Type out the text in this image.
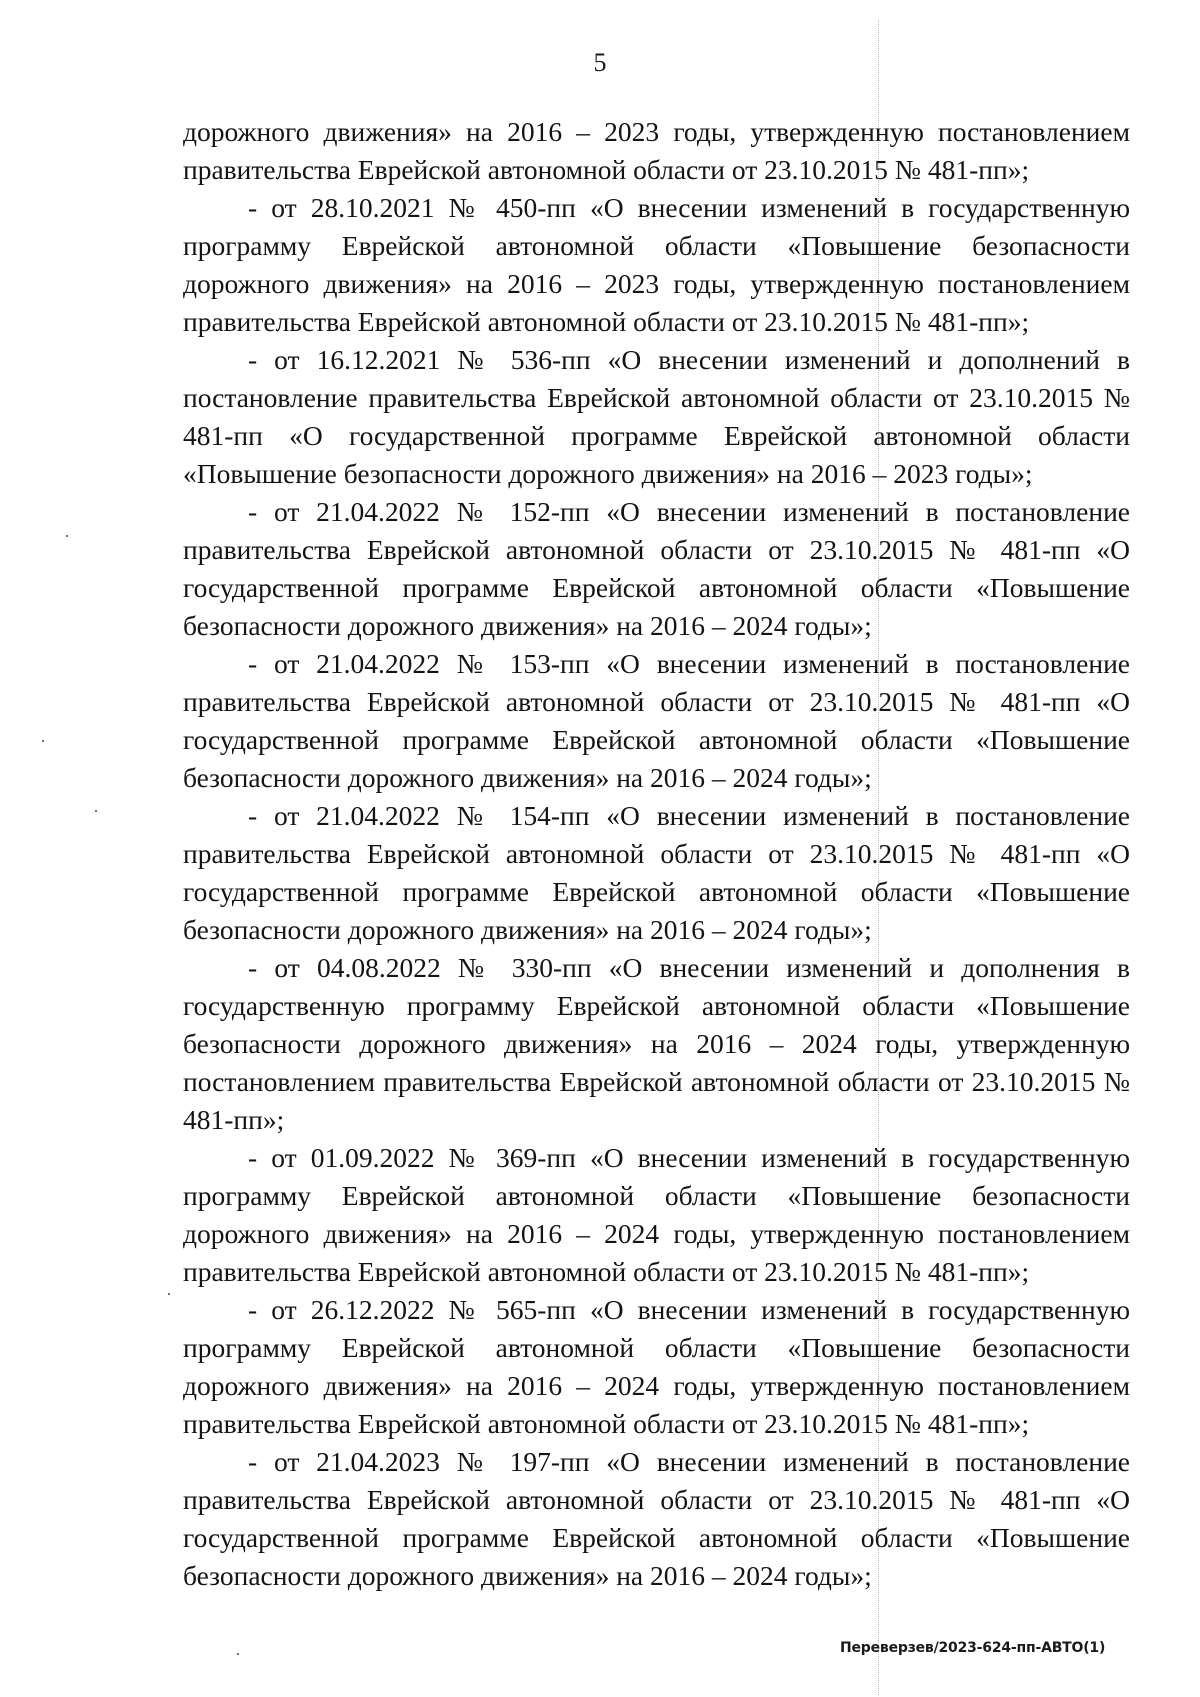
5

дорожного движения» на 2016 – 2023 годы, утвержденную постановлением правительства Еврейской автономной области от 23.10.2015 № 481-пп»;

- от 28.10.2021 № 450-пп «О внесении изменений в государственную программу Еврейской автономной области «Повышение безопасности дорожного движения» на 2016 – 2023 годы, утвержденную постановлением правительства Еврейской автономной области от 23.10.2015 № 481-пп»;

- от 16.12.2021 № 536-пп «О внесении изменений и дополнений в постановление правительства Еврейской автономной области от 23.10.2015 № 481-пп «О государственной программе Еврейской автономной области «Повышение безопасности дорожного движения» на 2016 – 2023 годы»;

- от 21.04.2022 № 152-пп «О внесении изменений в постановление правительства Еврейской автономной области от 23.10.2015 № 481-пп «О государственной программе Еврейской автономной области «Повышение безопасности дорожного движения» на 2016 – 2024 годы»;

- от 21.04.2022 № 153-пп «О внесении изменений в постановление правительства Еврейской автономной области от 23.10.2015 № 481-пп «О государственной программе Еврейской автономной области «Повышение безопасности дорожного движения» на 2016 – 2024 годы»;

- от 21.04.2022 № 154-пп «О внесении изменений в постановление правительства Еврейской автономной области от 23.10.2015 № 481-пп «О государственной программе Еврейской автономной области «Повышение безопасности дорожного движения» на 2016 – 2024 годы»;

- от 04.08.2022 № 330-пп «О внесении изменений и дополнения в государственную программу Еврейской автономной области «Повышение безопасности дорожного движения» на 2016 – 2024 годы, утвержденную постановлением правительства Еврейской автономной области от 23.10.2015 № 481-пп»;

- от 01.09.2022 № 369-пп «О внесении изменений в государственную программу Еврейской автономной области «Повышение безопасности дорожного движения» на 2016 – 2024 годы, утвержденную постановлением правительства Еврейской автономной области от 23.10.2015 № 481-пп»;

- от 26.12.2022 № 565-пп «О внесении изменений в государственную программу Еврейской автономной области «Повышение безопасности дорожного движения» на 2016 – 2024 годы, утвержденную постановлением правительства Еврейской автономной области от 23.10.2015 № 481-пп»;

- от 21.04.2023 № 197-пп «О внесении изменений в постановление правительства Еврейской автономной области от 23.10.2015 № 481-пп «О государственной программе Еврейской автономной области «Повышение безопасности дорожного движения» на 2016 – 2024 годы»;

Переверзев/2023-624-пп-АВТО(1)
